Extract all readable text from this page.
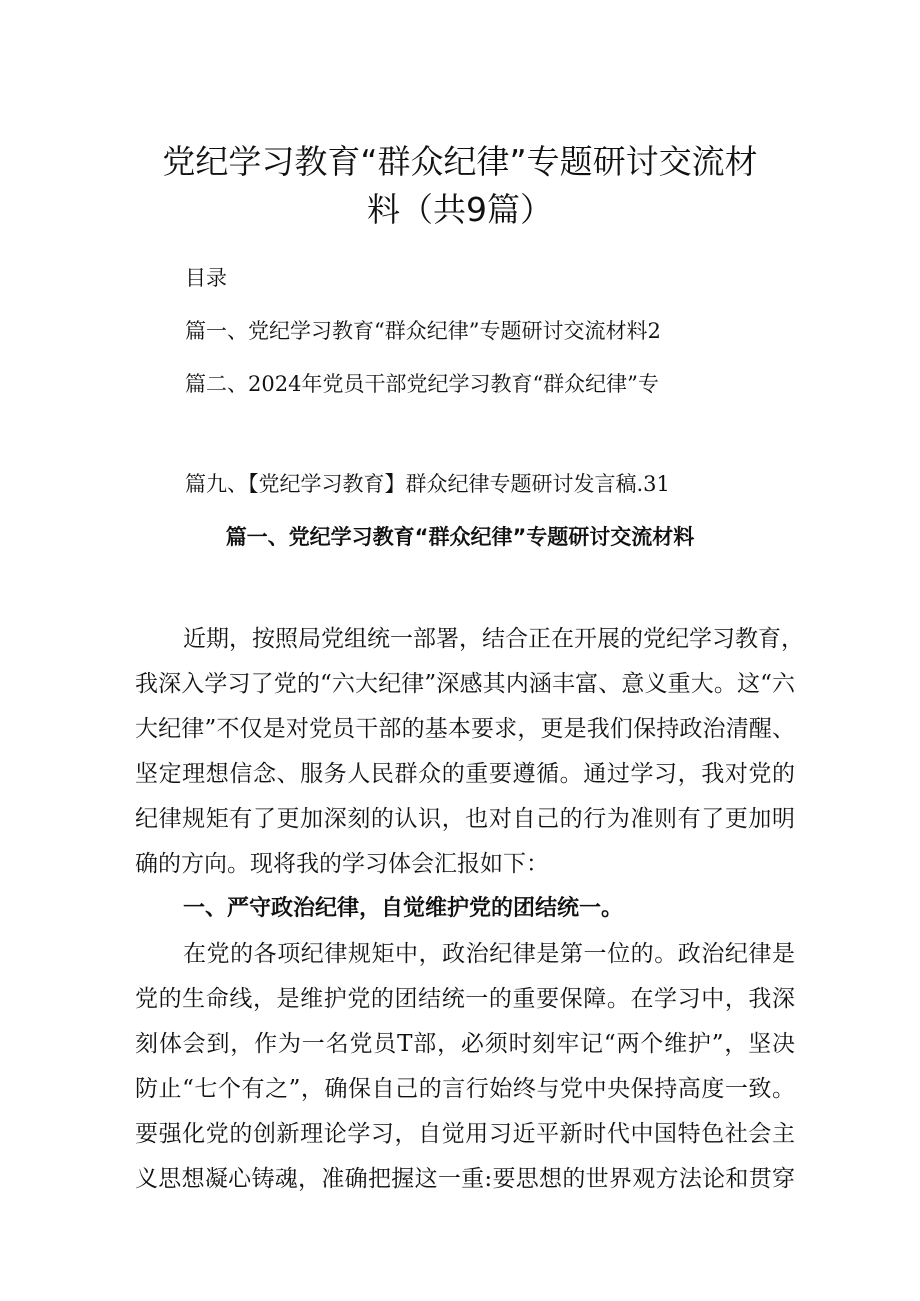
党纪学习教育“群众纪律”专题研讨交流材
料（共9篇）

目录

篇一、党纪学习教育“群众纪律”专题研讨交流材料2

篇二、2024年党员干部党纪学习教育“群众纪律”专

篇九、【党纪学习教育】群众纪律专题研讨发言稿.31

篇一、党纪学习教育“群众纪律”专题研讨交流材料

近期，按照局党组统一部署，结合正在开展的党纪学习教育，

我深入学习了党的“六大纪律”深感其内涵丰富、意义重大。这“六

大纪律”不仅是对党员干部的基本要求，更是我们保持政治清醒、

坚定理想信念、服务人民群众的重要遵循。通过学习，我对党的

纪律规矩有了更加深刻的认识，也对自己的行为准则有了更加明

确的方向。现将我的学习体会汇报如下：

一、严守政治纪律，自觉维护党的团结统一。

在党的各项纪律规矩中，政治纪律是第一位的。政治纪律是

党的生命线，是维护党的团结统一的重要保障。在学习中，我深

刻体会到，作为一名党员T部，必须时刻牢记“两个维护”，坚决

防止“七个有之”，确保自己的言行始终与党中央保持高度一致。

要强化党的创新理论学习，自觉用习近平新时代中国特色社会主

义思想凝心铸魂，准确把握这一重:要思想的世界观方法论和贯穿
